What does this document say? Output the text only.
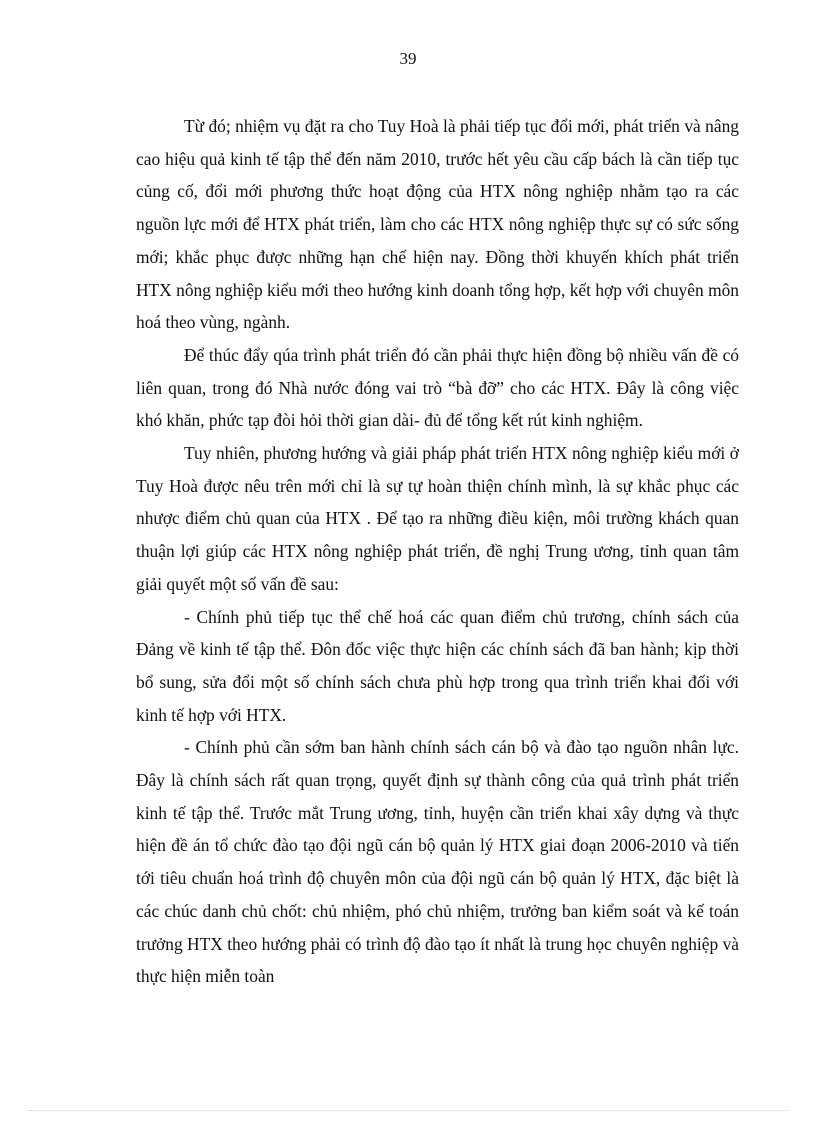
39

Từ đó; nhiệm vụ đặt ra cho Tuy Hoà là phải tiếp tục đổi mới, phát triển và nâng cao hiệu quả kinh tế tập thể đến năm 2010, trước hết yêu cầu cấp bách là cần tiếp tục củng cố, đổi mới phương thức hoạt động của HTX nông nghiệp nhằm tạo ra các nguồn lực mới để HTX phát triển, làm cho các HTX nông nghiệp thực sự có sức sống mới; khắc phục được những hạn chế hiện nay. Đồng thời khuyến khích phát triển HTX nông nghiệp kiểu mới theo hướng kinh doanh tổng hợp, kết hợp với chuyên môn hoá theo vùng, ngành.

Để thúc đẩy qúa trình phát triển đó cần phải thực hiện đồng bộ nhiều vấn đề có liên quan, trong đó Nhà nước đóng vai trò “bà đỡ” cho các HTX. Đây là công việc khó khăn, phức tạp đòi hỏi thời gian dài- đủ để tổng kết rút kinh nghiệm.

Tuy nhiên, phương hướng và giải pháp phát triển HTX nông nghiệp kiểu mới ở Tuy Hoà được nêu trên mới chỉ là sự tự hoàn thiện chính mình, là sự khắc phục các nhược điểm chủ quan của HTX . Để tạo ra những điều kiện, môi trường khách quan thuận lợi giúp các HTX nông nghiệp phát triển, đề nghị Trung ương, tỉnh quan tâm giải quyết một số vấn đề sau:

- Chính phủ tiếp tục thể chế hoá các quan điểm chủ trương, chính sách của Đảng về kinh tế tập thể. Đôn đốc việc thực hiện các chính sách đã ban hành; kịp thời bổ sung, sửa đổi một số chính sách chưa phù hợp trong qua trình triển khai đối với kinh tế hợp với HTX.

- Chính phủ cần sớm ban hành chính sách cán bộ và đào tạo nguồn nhân lực. Đây là chính sách rất quan trọng, quyết định sự thành công của quả trình phát triển kinh tế tập thể. Trước mắt Trung ương, tỉnh, huyện cần triển khai xây dựng và thực hiện đề án tổ chức đào tạo đội ngũ cán bộ quản lý HTX giai đoạn 2006-2010 và tiến tới tiêu chuẩn hoá trình độ chuyên môn của đội ngũ cán bộ quản lý HTX, đặc biệt là các chúc danh chủ chốt: chủ nhiệm, phó chủ nhiệm, trưởng ban kiểm soát và kế toán trưởng HTX theo hướng phải có trình độ đào tạo ít nhất là trung học chuyên nghiệp và thực hiện miễn toàn
